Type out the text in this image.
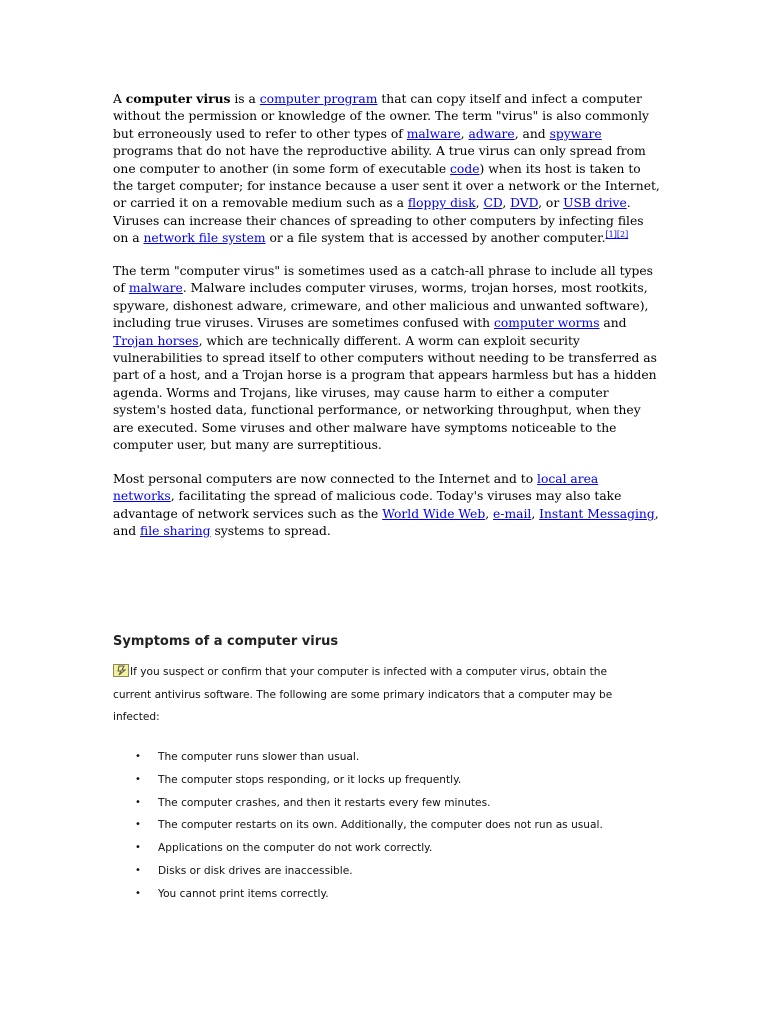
A computer virus is a computer program that can copy itself and infect a computer without the permission or knowledge of the owner. The term "virus" is also commonly but erroneously used to refer to other types of malware, adware, and spyware programs that do not have the reproductive ability. A true virus can only spread from one computer to another (in some form of executable code) when its host is taken to the target computer; for instance because a user sent it over a network or the Internet, or carried it on a removable medium such as a floppy disk, CD, DVD, or USB drive. Viruses can increase their chances of spreading to other computers by infecting files on a network file system or a file system that is accessed by another computer.[1][2]

The term "computer virus" is sometimes used as a catch-all phrase to include all types of malware. Malware includes computer viruses, worms, trojan horses, most rootkits, spyware, dishonest adware, crimeware, and other malicious and unwanted software), including true viruses. Viruses are sometimes confused with computer worms and Trojan horses, which are technically different. A worm can exploit security vulnerabilities to spread itself to other computers without needing to be transferred as part of a host, and a Trojan horse is a program that appears harmless but has a hidden agenda. Worms and Trojans, like viruses, may cause harm to either a computer system's hosted data, functional performance, or networking throughput, when they are executed. Some viruses and other malware have symptoms noticeable to the computer user, but many are surreptitious.

Most personal computers are now connected to the Internet and to local area networks, facilitating the spread of malicious code. Today's viruses may also take advantage of network services such as the World Wide Web, e-mail, Instant Messaging, and file sharing systems to spread.

Symptoms of a computer virus

If you suspect or confirm that your computer is infected with a computer virus, obtain the current antivirus software. The following are some primary indicators that a computer may be infected:

• The computer runs slower than usual.
• The computer stops responding, or it locks up frequently.
• The computer crashes, and then it restarts every few minutes.
• The computer restarts on its own. Additionally, the computer does not run as usual.
• Applications on the computer do not work correctly.
• Disks or disk drives are inaccessible.
• You cannot print items correctly.
